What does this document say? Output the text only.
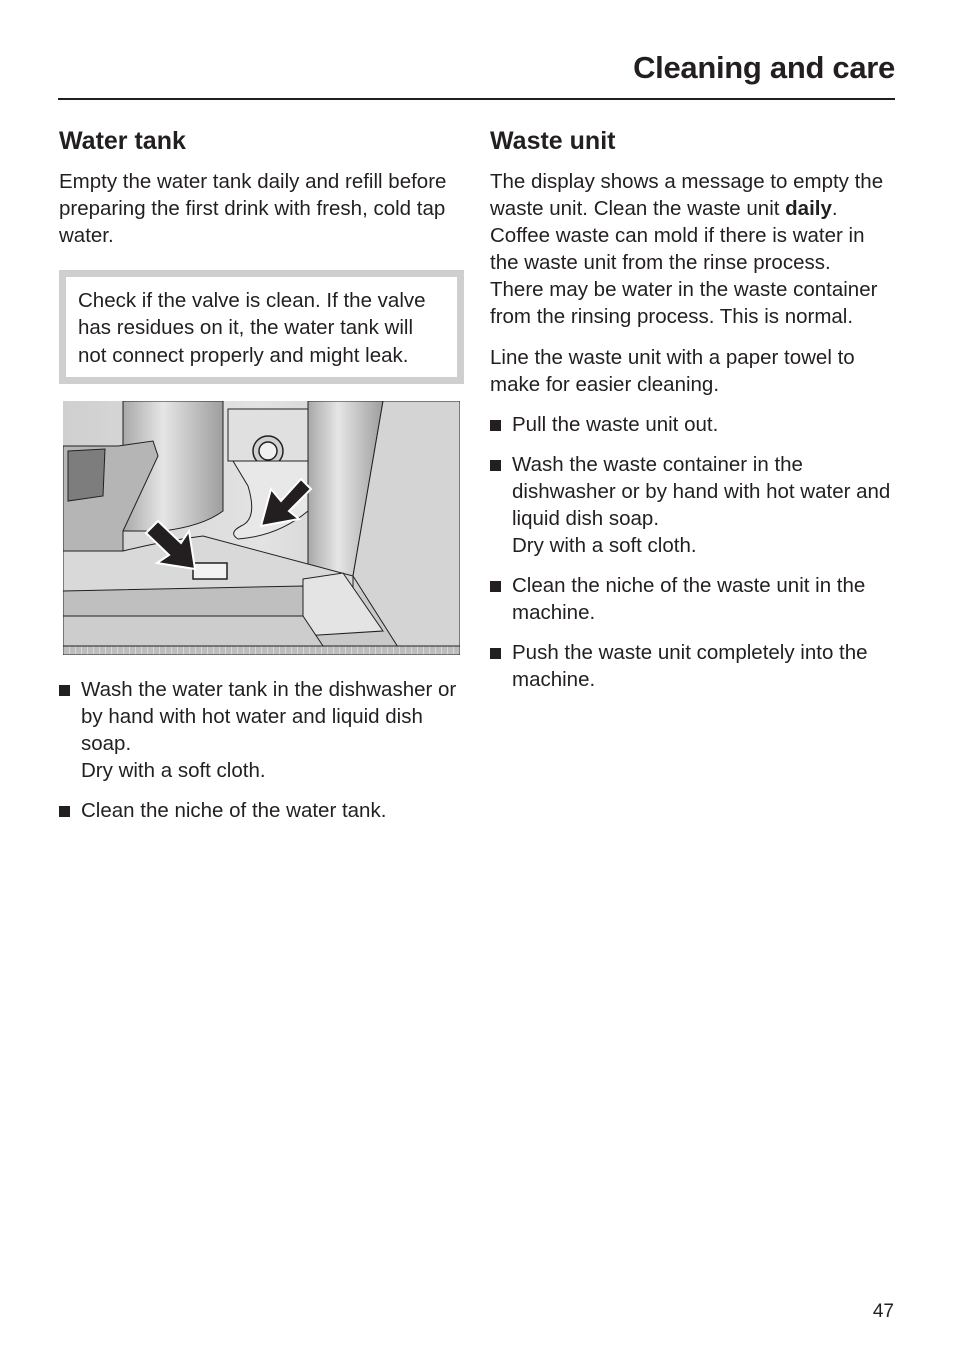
Cleaning and care
Water tank

Empty the water tank daily and refill before preparing the first drink with fresh, cold tap water.

Check if the valve is clean. If the valve has residues on it, the water tank will not connect properly and might leak.

Wash the water tank in the dishwasher or by hand with hot water and liquid dish soap.
Dry with a soft cloth.
Clean the niche of the water tank.
Waste unit

The display shows a message to empty the waste unit. Clean the waste unit daily. Coffee waste can mold if there is water in the waste unit from the rinse process.
There may be water in the waste container from the rinsing process. This is normal.

Line the waste unit with a paper towel to make for easier cleaning.

Pull the waste unit out.
Wash the waste container in the dishwasher or by hand with hot water and liquid dish soap.
Dry with a soft cloth.
Clean the niche of the waste unit in the machine.
Push the waste unit completely into the machine.
47
